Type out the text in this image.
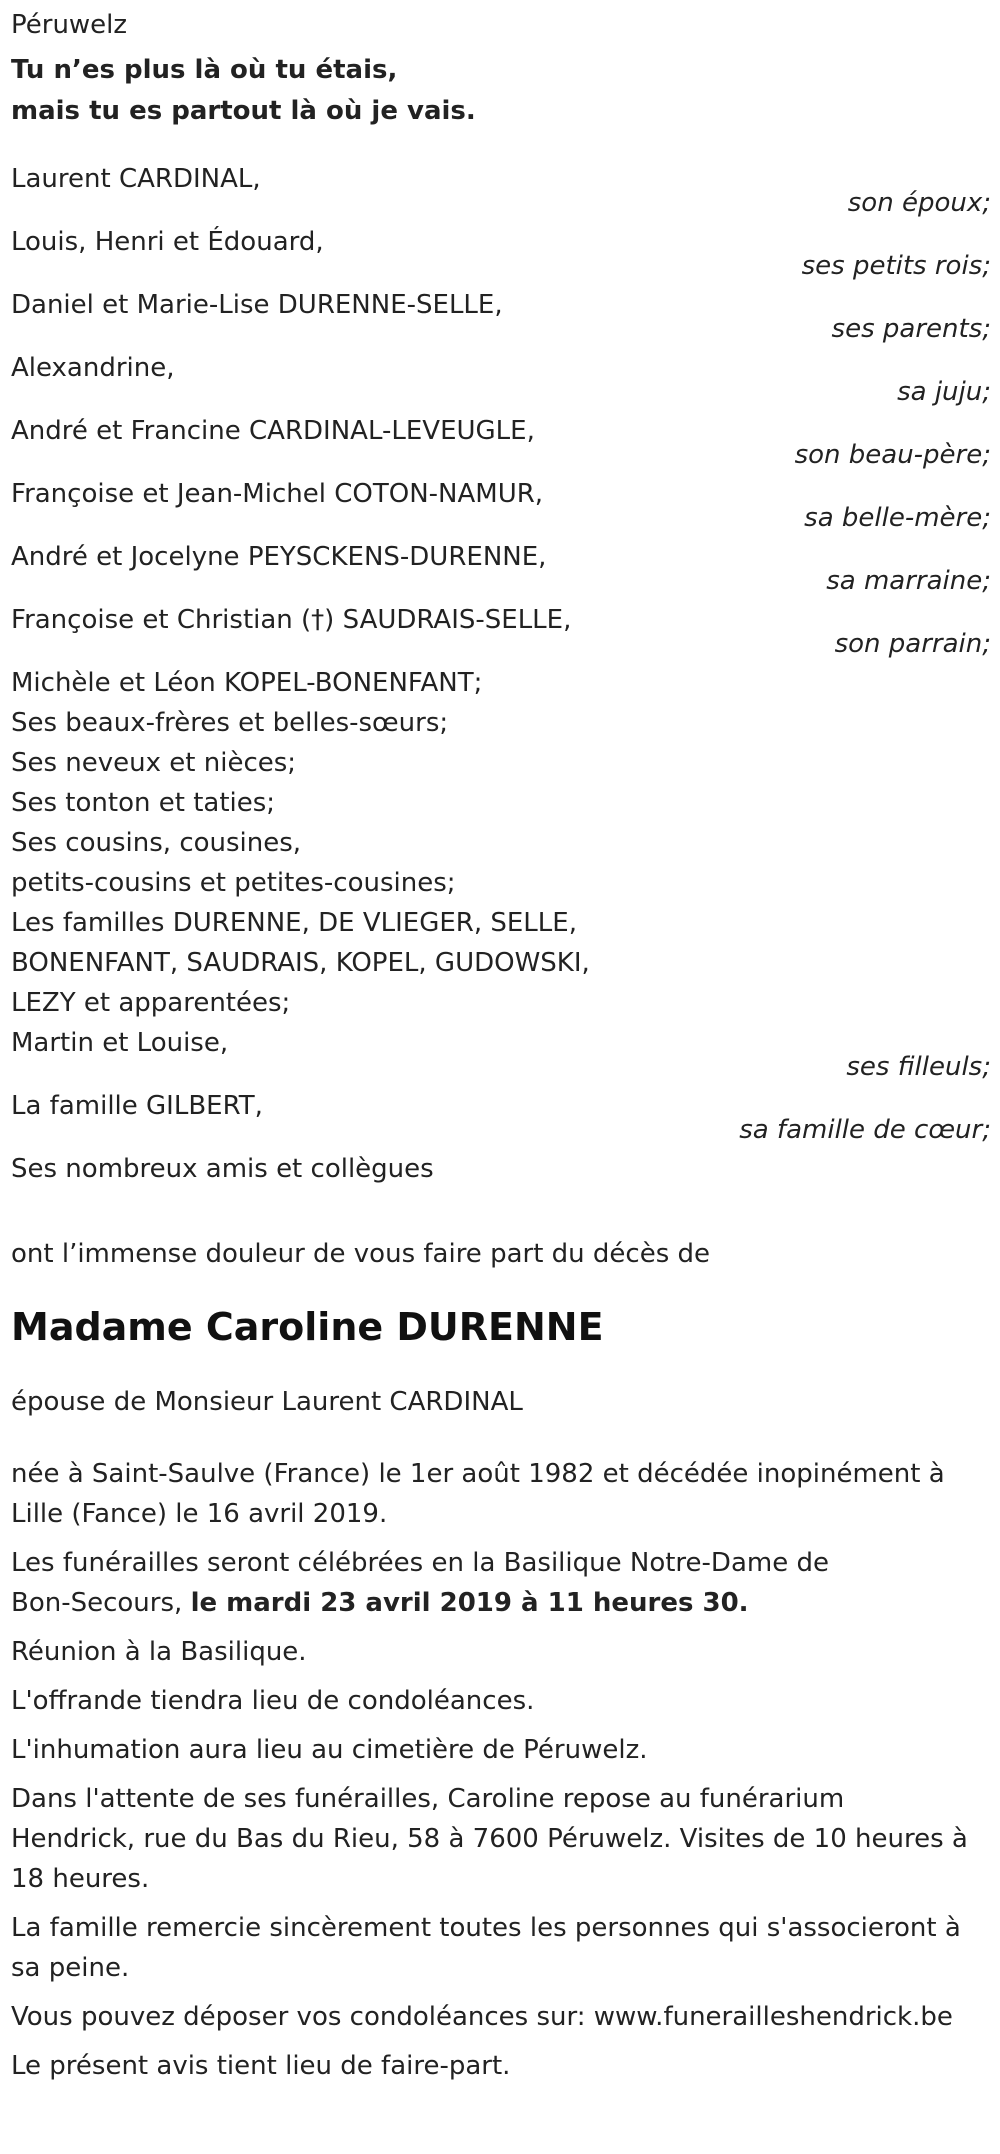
Péruwelz
Tu n’es plus là où tu étais,
mais tu es partout là où je vais.
Laurent CARDINAL,
son époux;
Louis, Henri et Édouard,
ses petits rois;
Daniel et Marie-Lise DURENNE-SELLE,
ses parents;
Alexandrine,
sa juju;
André et Francine CARDINAL-LEVEUGLE,
son beau-père;
Françoise et Jean-Michel COTON-NAMUR,
sa belle-mère;
André et Jocelyne PEYSCKENS-DURENNE,
sa marraine;
Françoise et Christian (†) SAUDRAIS-SELLE,
son parrain;
Michèle et Léon KOPEL-BONENFANT;
Ses beaux-frères et belles-sœurs;
Ses neveux et nièces;
Ses tonton et taties;
Ses cousins, cousines,
petits-cousins et petites-cousines;
Les familles DURENNE, DE VLIEGER, SELLE,
BONENFANT, SAUDRAIS, KOPEL, GUDOWSKI,
LEZY et apparentées;
Martin et Louise,
ses filleuls;
La famille GILBERT,
sa famille de cœur;
Ses nombreux amis et collègues
ont l’immense douleur de vous faire part du décès de
Madame Caroline DURENNE
épouse de Monsieur Laurent CARDINAL
née à Saint-Saulve (France) le 1er août 1982 et décédée inopinément à
Lille (Fance) le 16 avril 2019.
Les funérailles seront célébrées en la Basilique Notre-Dame de
Bon-Secours, le mardi 23 avril 2019 à 11 heures 30.
Réunion à la Basilique.
L'offrande tiendra lieu de condoléances.
L'inhumation aura lieu au cimetière de Péruwelz.
Dans l'attente de ses funérailles, Caroline repose au funérarium
Hendrick, rue du Bas du Rieu, 58 à 7600 Péruwelz. Visites de 10 heures à
18 heures.
La famille remercie sincèrement toutes les personnes qui s'associeront à
sa peine.
Vous pouvez déposer vos condoléances sur: www.funerailleshendrick.be
Le présent avis tient lieu de faire-part.
